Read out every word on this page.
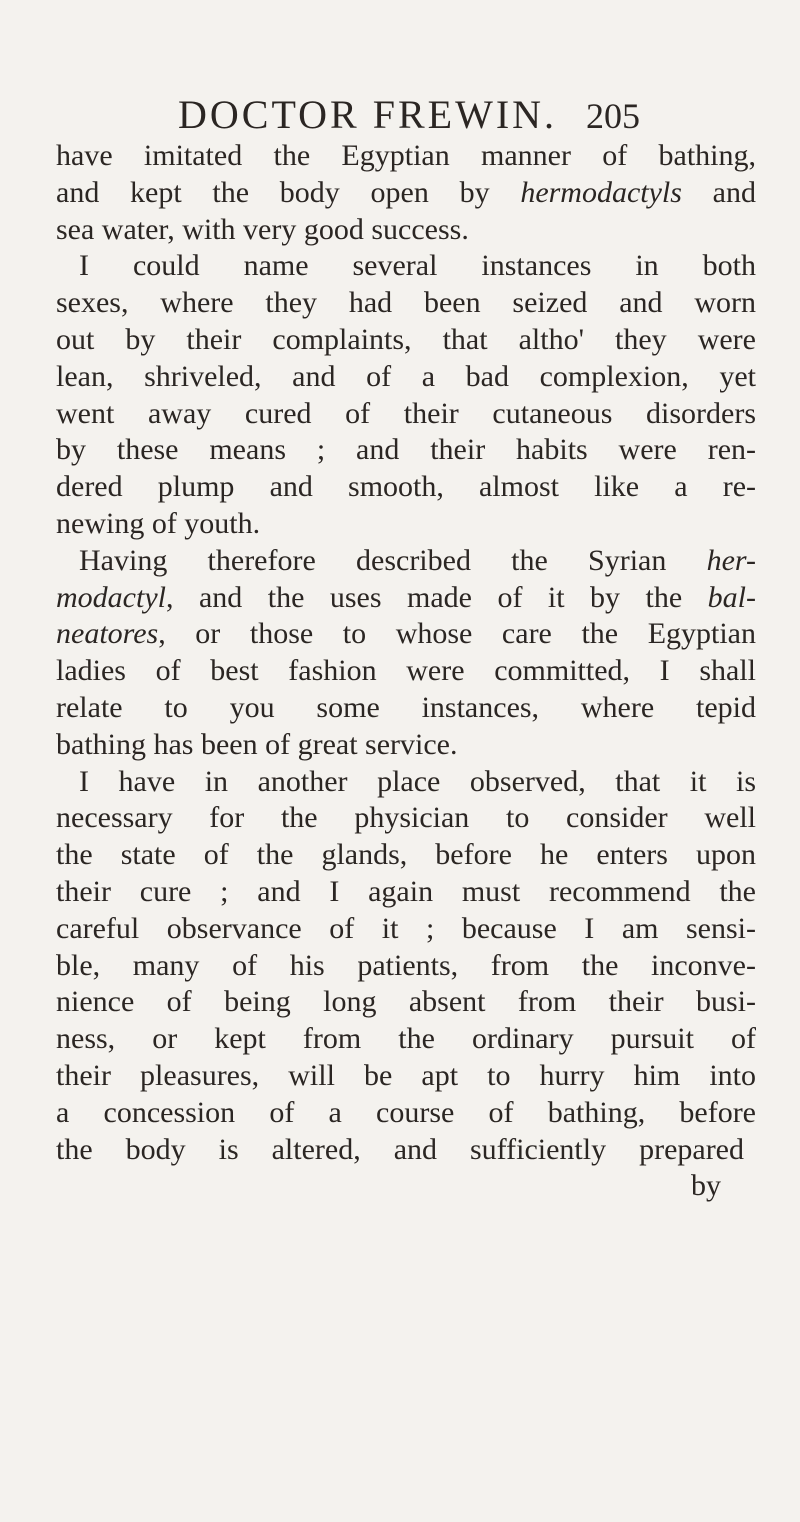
DOCTOR FREWIN. 205
have imitated the Egyptian manner of bathing,
and kept the body open by hermodactyls and
sea water, with very good success.
I could name several instances in both
sexes, where they had been seized and worn
out by their complaints, that altho' they were
lean, shriveled, and of a bad complexion, yet
went away cured of their cutaneous disorders
by these means ; and their habits were ren-
dered plump and smooth, almost like a re-
newing of youth.
Having therefore described the Syrian her-
modactyl, and the uses made of it by the bal-
neatores, or those to whose care the Egyptian
ladies of best fashion were committed, I shall
relate to you some instances, where tepid
bathing has been of great service.
I have in another place observed, that it is
necessary for the physician to consider well
the state of the glands, before he enters upon
their cure ; and I again must recommend the
careful observance of it ; because I am sensi-
ble, many of his patients, from the inconve-
nience of being long absent from their busi-
ness, or kept from the ordinary pursuit of
their pleasures, will be apt to hurry him into
a concession of a course of bathing, before
the body is altered, and sufficiently prepared
by
